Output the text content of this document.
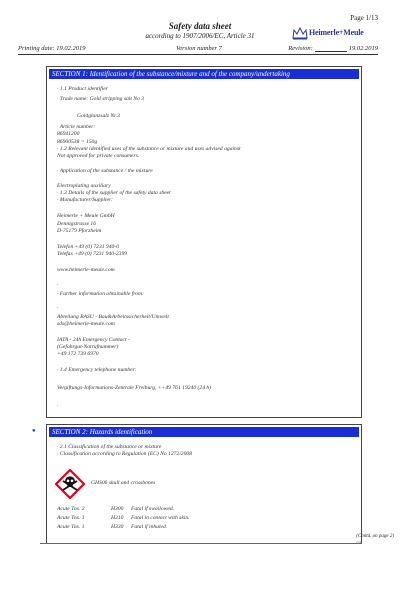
Page 1/13
Safety data sheet
according to 1907/2006/EC, Article 31	Heimerle+Meule
Printing date: 19.02.2019	Version number 7	Revision:	19.02.2019
SECTION 1: Identification of the substance/mixture and of the company/undertaking
· 1.1 Product identifier
· Trade name: Gold stripping salt No 3
Goldglanzsalz Nr.3
· Article number:
86941200
86900538 = 150g
· 1.2 Relevant identified uses of the substance or mixture and uses advised against
Not approved for private consumers.
· Application of the substance / the mixture
Electroplating auxiliary
· 1.3 Details of the supplier of the safety data sheet
· Manufacturer/Supplier:
Heimerle + Meule GmbH
Dennigstrasse 16
D-75179 Pforzheim
Telefon +49 (0) 7231 940-0
Telefax +49 (0) 7231 940-2399
www.heimerle-meule.com
·
· Further information obtainable from:
·
Abteilung BASU - Bau&Arbeitssicherheit/Umwelt
sds@heimerle-meule.com
IATA - 24h Emergency Contact -
(Gefahrgut-Notrufnummer)
+49 172 739 6970
· 1.4 Emergency telephone number:
Vergiftungs-Informations-Zentrale Freiburg, ++49 761 19240 (24 h)
·
●	SECTION 2: Hazards identification
· 2.1 Classification of the substance or mixture
· Classification according to Regulation (EC) No 1272/2008
GHS06 skull and crossbones
Acute Tox. 2	H300 Fatal if swallowed.
Acute Tox. 1	H310 Fatal in contact with skin.
Acute Tox. 1	H330 Fatal if inhaled.
(Contd. on page 2)
GB
